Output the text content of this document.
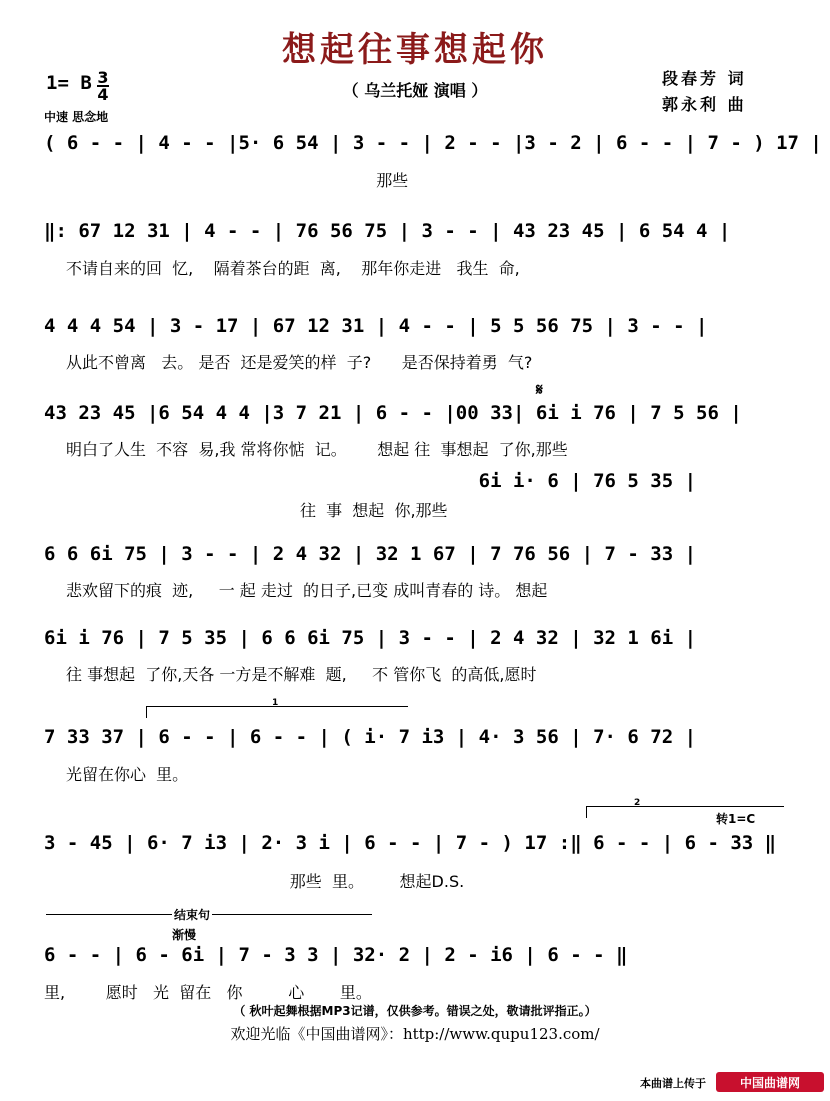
想起往事想起你
（ 乌兰托娅 演唱 ）
段春芳 词
郭永利 曲
1= B 3
4
中速 思念地
( 6 - - | 4 - - |5· 6 54 | 3 - - | 2 - - |3 - 2 | 6 - - | 7 - ) 17 |
那些
‖: 67 12 31 | 4 - - | 76 56 75 | 3 - - | 43 23 45 | 6 54 4 |
不请自来的回  忆,    隔着茶台的距  离,    那年你走进   我生  命,
4 4 4 54 | 3 - 17 | 67 12 31 | 4 - - | 5 5 56 75 | 3 - - |
从此不曾离   去。 是否  还是爱笑的样  子?      是否保持着勇  气?
𝄋
43 23 45 |6 54 4 4 |3 7 21 | 6 - - |00 33| 6i i 76 | 7 5 56 |
明白了人生  不容  易,我 常将你惦  记。      想起 往  事想起  了你,那些
6i i· 6 | 76 5 35 |
往  事  想起  你,那些
6 6 6i 75 | 3 - - | 2 4 32 | 32 1 67 | 7 76 56 | 7 - 33 |
悲欢留下的痕  迹,     一 起 走过  的日子,已变 成叫青春的 诗。 想起
6i i 76 | 7 5 35 | 6 6 6i 75 | 3 - - | 2 4 32 | 32 1 6i |
往 事想起  了你,天各 一方是不解难  题,     不 管你飞  的高低,愿时
1
7 33 37 | 6 - - | 6 - - | ( i· 7 i3 | 4· 3 56 | 7· 6 72 |
光留在你心  里。
2
转1=C
3 - 45 | 6· 7 i3 | 2· 3 i | 6 - - | 7 - ) 17 :‖ 6 - - | 6 - 33 ‖
那些  里。       想起D.S.
结束句
渐慢
6 - - | 6 - 6i | 7 - 3 3 | 32· 2 | 2 - i6 | 6 - - ‖
里,        愿时   光  留在   你         心       里。
（ 秋叶起舞根据MP3记谱，仅供参考。错误之处，敬请批评指正。）
欢迎光临《中国曲谱网》：http://www.qupu123.com/
本曲谱上传于	中国曲谱网
